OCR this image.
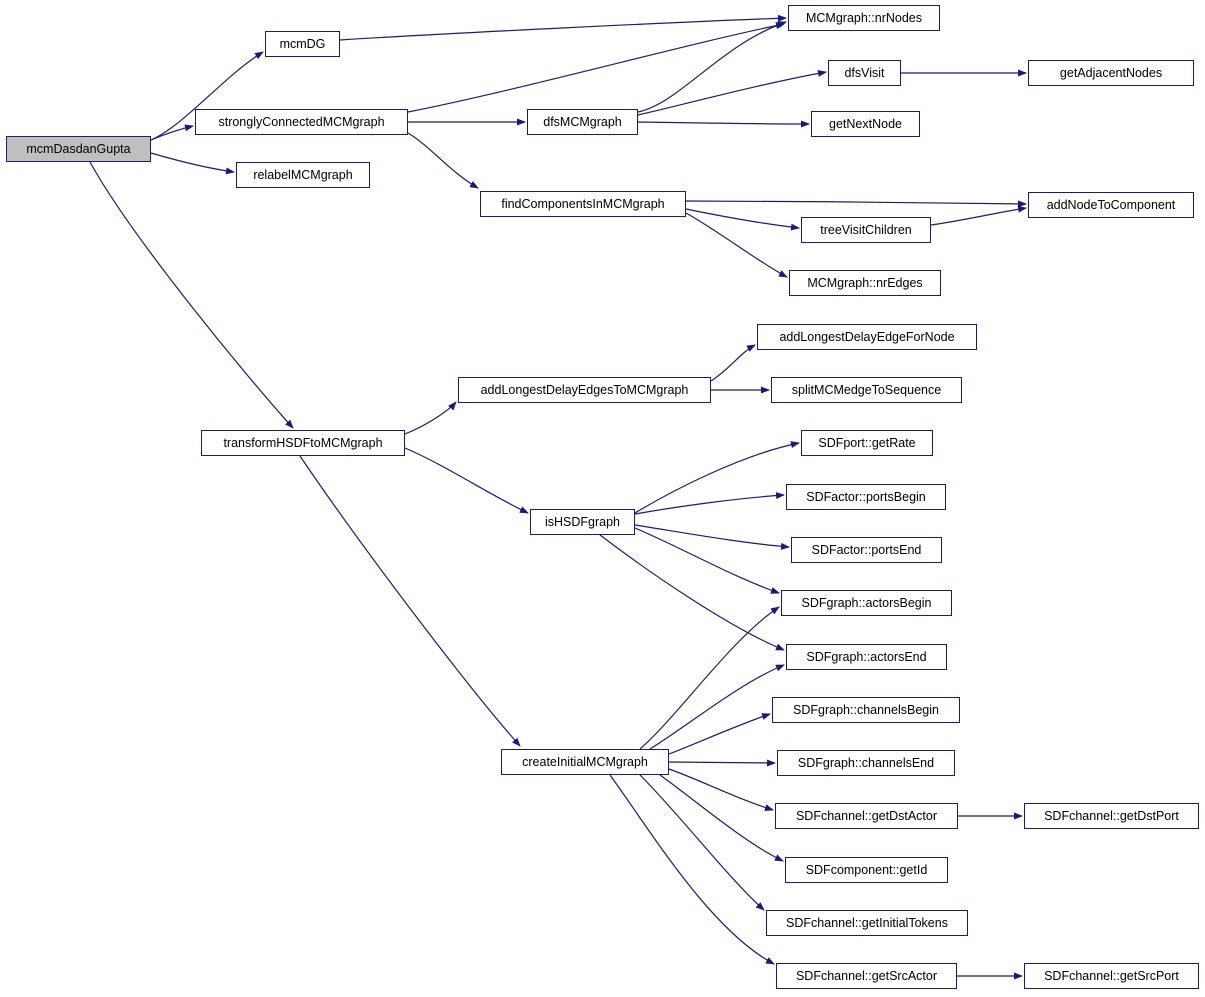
mcmDasdanGupta
mcmDG
stronglyConnectedMCMgraph
relabelMCMgraph
MCMgraph::nrNodes
dfsVisit	getAdjacentNodes
dfsMCMgraph	getNextNode
findComponentsInMCMgraph	addNodeToComponent
treeVisitChildren
MCMgraph::nrEdges
addLongestDelayEdgeForNode
addLongestDelayEdgesToMCMgraph	splitMCMedgeToSequence
transformHSDFtoMCMgraph	SDFport::getRate
SDFactor::portsBegin
isHSDFgraph
SDFactor::portsEnd
SDFgraph::actorsBegin
SDFgraph::actorsEnd
SDFgraph::channelsBegin
createInitialMCMgraph	SDFgraph::channelsEnd
SDFchannel::getDstActor	SDFchannel::getDstPort
SDFcomponent::getId
SDFchannel::getInitialTokens
SDFchannel::getSrcActor	SDFchannel::getSrcPort
